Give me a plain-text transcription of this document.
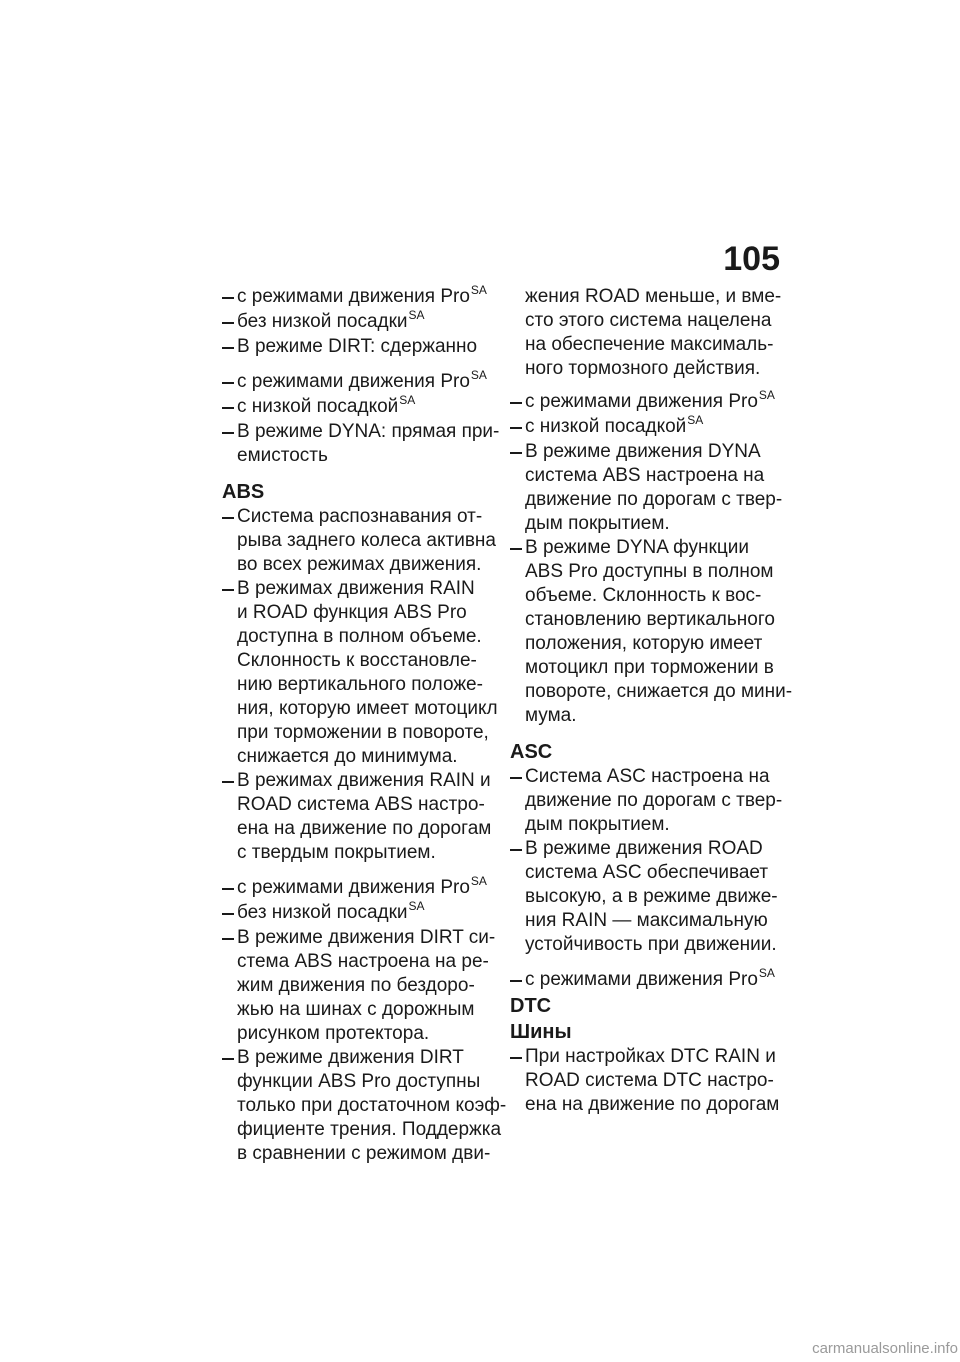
105
с режимами движения Pro$^{SA}$
без низкой посадки$^{SA}$
В режиме DIRT: сдержанно
с режимами движения Pro$^{SA}$
с низкой посадкой$^{SA}$
В режиме DYNA: прямая при-
емистость
ABS
Система распознавания от-
рыва заднего колеса активна
во всех режимах движения.
В режимах движения RAIN
и ROAD функция ABS Pro
доступна в полном объеме.
Склонность к восстановле-
нию вертикального положе-
ния, которую имеет мотоцикл
при торможении в повороте,
снижается до минимума.
В режимах движения RAIN и
ROAD система ABS настро-
ена на движение по дорогам
с твердым покрытием.
с режимами движения Pro$^{SA}$
без низкой посадки$^{SA}$
В режиме движения DIRT си-
стема ABS настроена на ре-
жим движения по бездоро-
жью на шинах с дорожным
рисунком протектора.
В режиме движения DIRT
функции ABS Pro доступны
только при достаточном коэф-
фициенте трения. Поддержка
в сравнении с режимом дви-
жения ROAD меньше, и вме-
сто этого система нацелена
на обеспечение максималь-
ного тормозного действия.
с режимами движения Pro$^{SA}$
с низкой посадкой$^{SA}$
В режиме движения DYNA
система ABS настроена на
движение по дорогам с твер-
дым покрытием.
В режиме DYNA функции
ABS Pro доступны в полном
объеме. Склонность к вос-
становлению вертикального
положения, которую имеет
мотоцикл при торможении в
повороте, снижается до мини-
мума.
ASC
Система ASC настроена на
движение по дорогам с твер-
дым покрытием.
В режиме движения ROAD
система ASC обеспечивает
высокую, а в режиме движе-
ния RAIN — максимальную
устойчивость при движении.
с режимами движения Pro$^{SA}$
DTC
Шины
При настройках DTC RAIN и
ROAD система DTC настро-
ена на движение по дорогам
carmanualsonline.info
